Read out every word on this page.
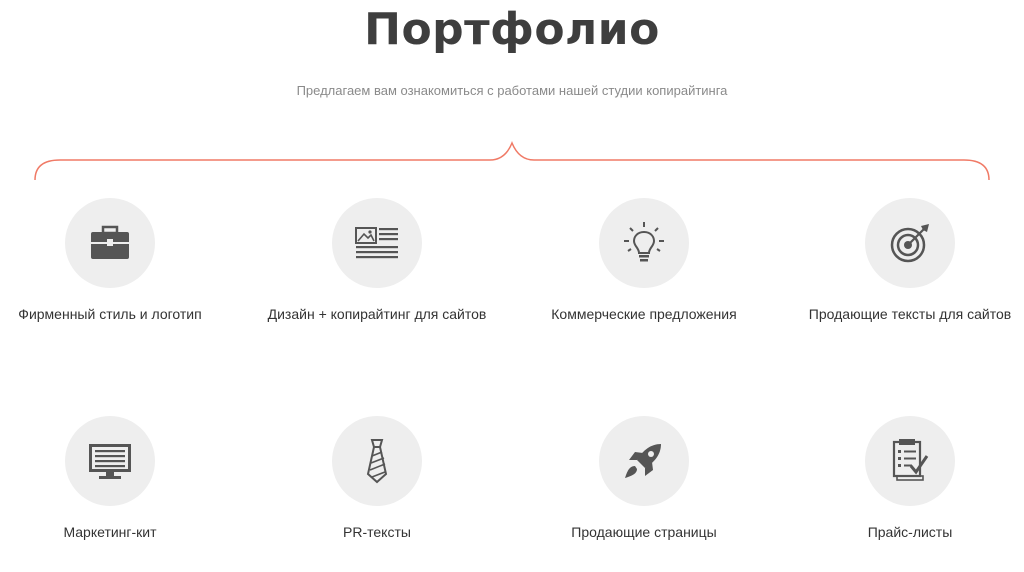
Портфолио
Предлагаем вам ознакомиться с работами нашей студии копирайтинга
Фирменный стиль и логотип	Дизайн + копирайтинг для сайтов	Коммерческие предложения	Продающие тексты для сайтов
Маркетинг-кит	PR-тексты	Продающие страницы	Прайс-листы
